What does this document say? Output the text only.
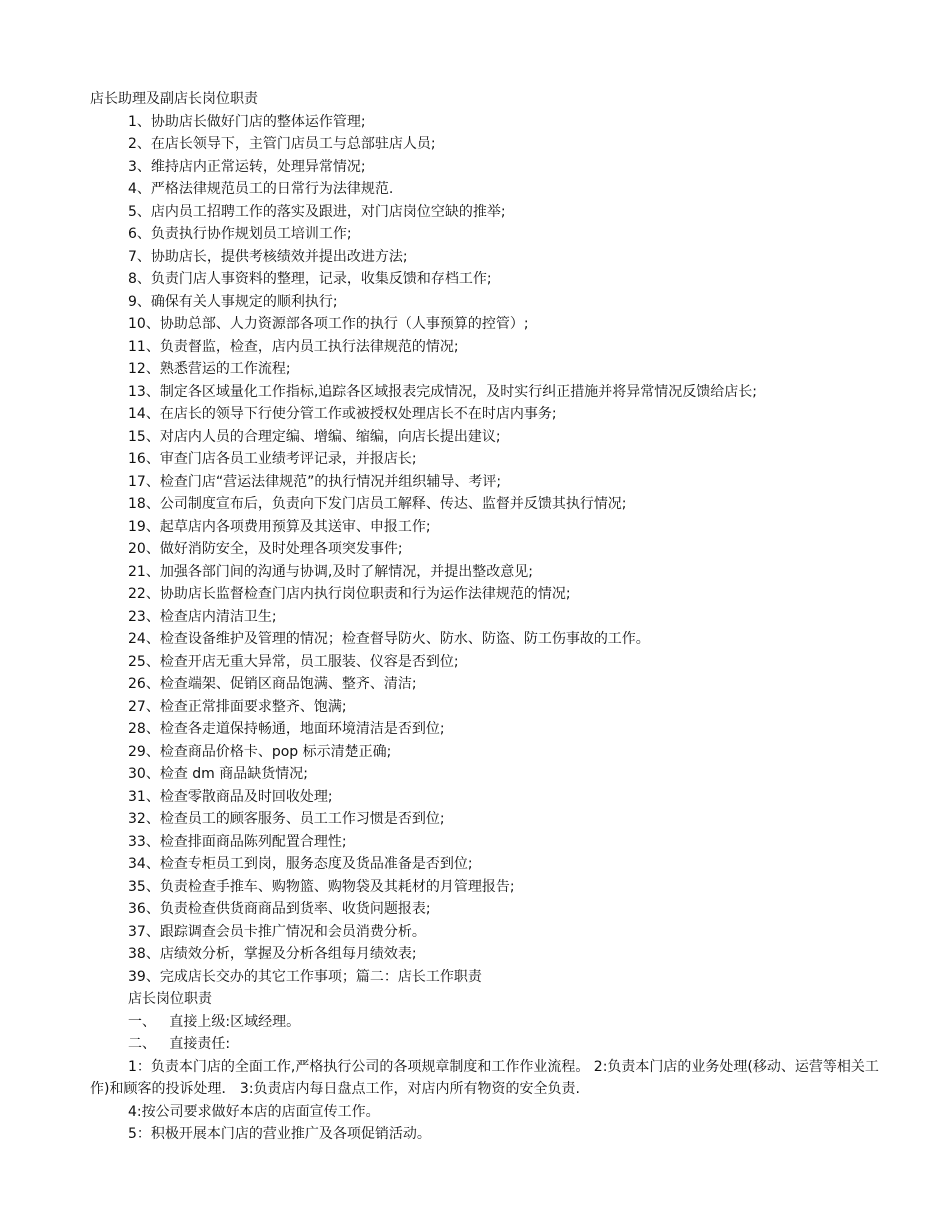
店长助理及副店长岗位职责
1、协助店长做好门店的整体运作管理;
2、在店长领导下，主管门店员工与总部驻店人员;
3、维持店内正常运转，处理异常情况;
4、严格法律规范员工的日常行为法律规范.
5、店内员工招聘工作的落实及跟进，对门店岗位空缺的推举;
6、负责执行协作规划员工培训工作;
7、协助店长，提供考核绩效并提出改进方法;
8、负责门店人事资料的整理，记录，收集反馈和存档工作;
9、确保有关人事规定的顺利执行;
10、协助总部、人力资源部各项工作的执行（人事预算的控管）;
11、负责督监，检查，店内员工执行法律规范的情况;
12、熟悉营运的工作流程;
13、制定各区域量化工作指标,追踪各区域报表完成情况，及时实行纠正措施并将异常情况反馈给店长;
14、在店长的领导下行使分管工作或被授权处理店长不在时店内事务;
15、对店内人员的合理定编、增编、缩编，向店长提出建议;
16、审查门店各员工业绩考评记录，并报店长;
17、检查门店“营运法律规范”的执行情况并组织辅导、考评;
18、公司制度宣布后，负责向下发门店员工解释、传达、监督并反馈其执行情况;
19、起草店内各项费用预算及其送审、申报工作;
20、做好消防安全，及时处理各项突发事件;
21、加强各部门间的沟通与协调,及时了解情况，并提出整改意见;
22、协助店长监督检查门店内执行岗位职责和行为运作法律规范的情况;
23、检查店内清洁卫生;
24、检查设备维护及管理的情况；检查督导防火、防水、防盗、防工伤事故的工作。
25、检查开店无重大异常，员工服装、仪容是否到位;
26、检查端架、促销区商品饱满、整齐、清洁;
27、检查正常排面要求整齐、饱满;
28、检查各走道保持畅通，地面环境清洁是否到位;
29、检查商品价格卡、pop 标示清楚正确;
30、检查 dm 商品缺货情况;
31、检查零散商品及时回收处理;
32、检查员工的顾客服务、员工工作习惯是否到位;
33、检查排面商品陈列配置合理性;
34、检查专柜员工到岗，服务态度及货品准备是否到位;
35、负责检查手推车、购物篮、购物袋及其耗材的月管理报告;
36、负责检查供货商商品到货率、收货问题报表;
37、跟踪调查会员卡推广情况和会员消费分析。
38、店绩效分析，掌握及分析各组每月绩效表;
39、完成店长交办的其它工作事项；篇二：店长工作职责
店长岗位职责
一、   直接上级:区域经理。
二、   直接责任:
1：负责本门店的全面工作,严格执行公司的各项规章制度和工作作业流程。 2:负责本门店的业务处理(移动、运营等相关工作)和顾客的投诉处理． 3:负责店内每日盘点工作，对店内所有物资的安全负责.
4:按公司要求做好本店的店面宣传工作。
5：积极开展本门店的营业推广及各项促销活动。
